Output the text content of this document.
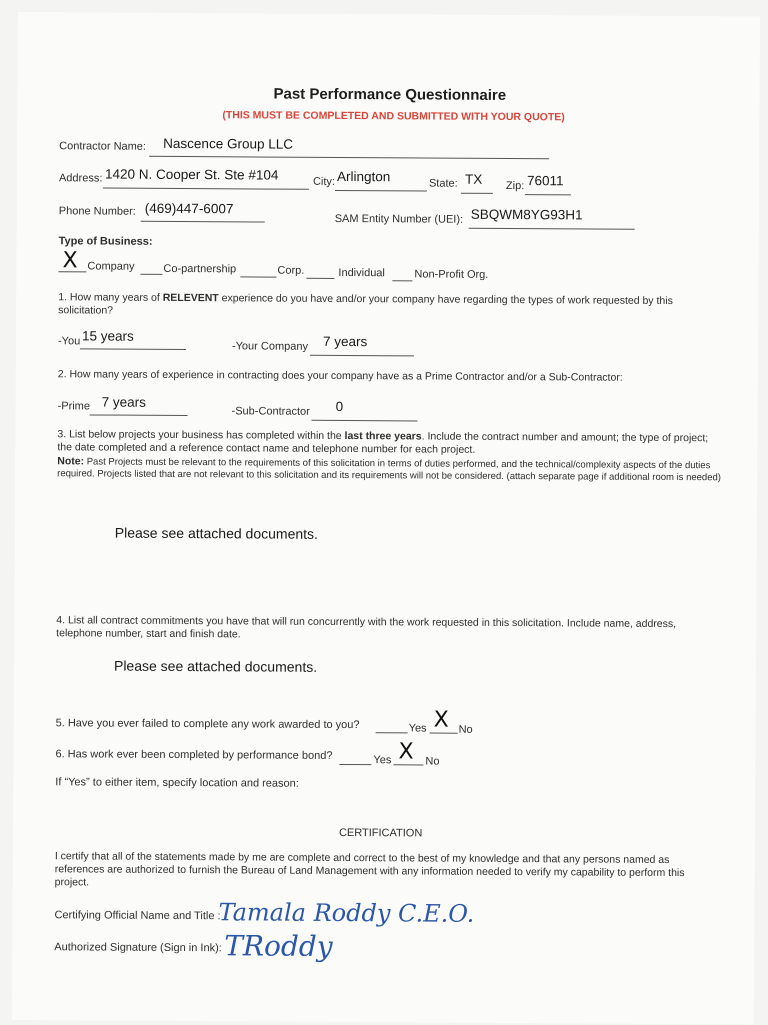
Past Performance Questionnaire
(THIS MUST BE COMPLETED AND SUBMITTED WITH YOUR QUOTE)
Contractor Name: Nascence Group LLC
Address: 1420 N. Cooper St. Ste #104	City: Arlington	State: TX Zip: 76011
Phone Number: (469)447-6007
SAM Entity Number (UEI): SBQWM8YG93H1
Type of Business:
X Company	Co-partnership	Corp.	Individual	Non-Profit Org.
1. How many years of RELEVENT experience do you have and/or your company have regarding the types of work requested by this solicitation?
-You 15 years
-Your Company 7 years
2. How many years of experience in contracting does your company have as a Prime Contractor and/or a Sub-Contractor:
-Prime 7 years
-Sub-Contractor 0
3. List below projects your business has completed within the last three years. Include the contract number and amount; the type of project; the date completed and a reference contact name and telephone number for each project.
Note: Past Projects must be relevant to the requirements of this solicitation in terms of duties performed, and the technical/complexity aspects of the duties required. Projects listed that are not relevant to this solicitation and its requirements will not be considered. (attach separate page if additional room is needed)
Please see attached documents.
4. List all contract commitments you have that will run concurrently with the work requested in this solicitation. Include name, address, telephone number, start and finish date.
Please see attached documents.
5. Have you ever failed to complete any work awarded to you?	Yes X No
6. Has work ever been completed by performance bond?	Yes X No
If “Yes” to either item, specify location and reason:
CERTIFICATION
I certify that all of the statements made by me are complete and correct to the best of my knowledge and that any persons named as references are authorized to furnish the Bureau of Land Management with any information needed to verify my capability to perform this project.
Certifying Official Name and Title :
Tamala Roddy C.E.O.
Authorized Signature (Sign in Ink): TRoddy
